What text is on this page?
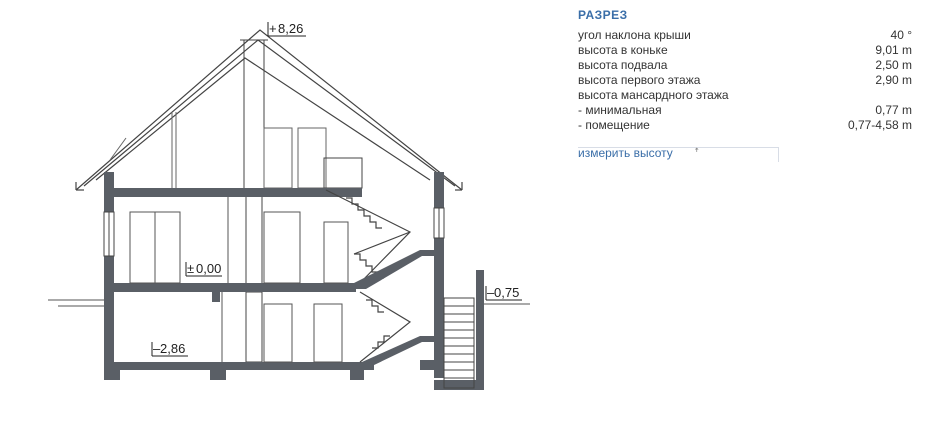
+ 8,26
± 0,00
– 0,75
– 2,86
РАЗРЕЗ
угол наклона крыши	40 °
высота в коньке	9,01 m
высота подвала	2,50 m
высота первого этажа	2,90 m
высота мансардного этажа
- минимальная	0,77 m
- помещение	0,77-4,58 m
измерить высоту ꜛ
